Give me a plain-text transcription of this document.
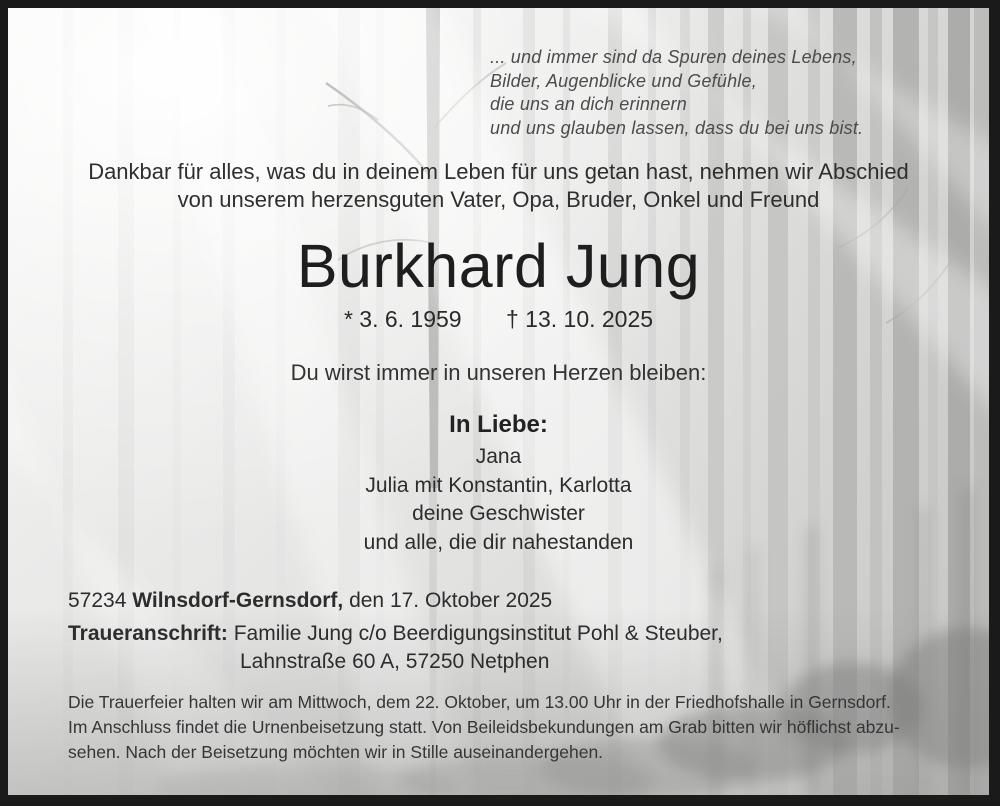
... und immer sind da Spuren deines Lebens,
Bilder, Augenblicke und Gefühle,
die uns an dich erinnern
und uns glauben lassen, dass du bei uns bist.
Dankbar für alles, was du in deinem Leben für uns getan hast, nehmen wir Abschied
von unserem herzensguten Vater, Opa, Bruder, Onkel und Freund
Burkhard Jung
* 3. 6. 1959 † 13. 10. 2025
Du wirst immer in unseren Herzen bleiben:
In Liebe:
Jana
Julia mit Konstantin, Karlotta
deine Geschwister
und alle, die dir nahestanden
57234 Wilnsdorf-Gernsdorf, den 17. Oktober 2025
Traueranschrift: Familie Jung c/o Beerdigungsinstitut Pohl & Steuber,
Lahnstraße 60 A, 57250 Netphen
Die Trauerfeier halten wir am Mittwoch, dem 22. Oktober, um 13.00 Uhr in der Friedhofshalle in Gernsdorf.
Im Anschluss findet die Urnenbeisetzung statt. Von Beileidsbekundungen am Grab bitten wir höflichst abzu-
sehen. Nach der Beisetzung möchten wir in Stille auseinandergehen.
